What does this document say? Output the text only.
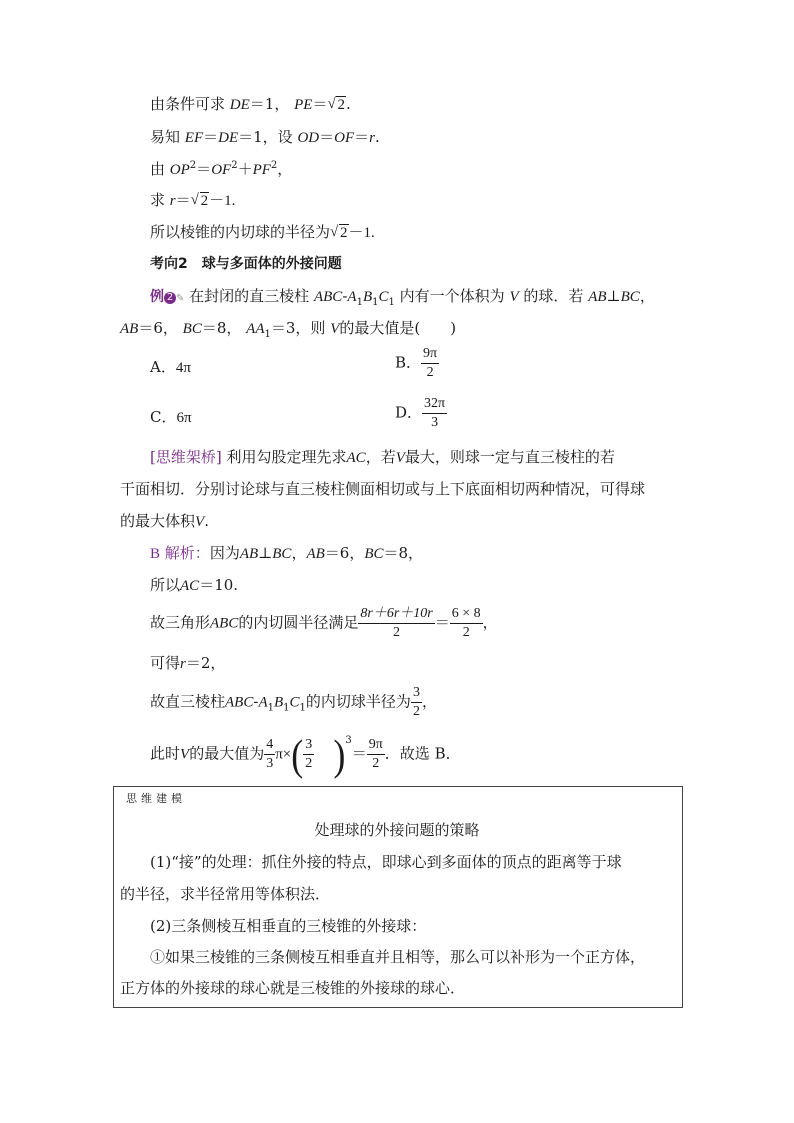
由条件可求 DE＝1， PE＝ √ 2.
易知 EF＝DE＝1，设 OD＝OF＝r.
由 $OP^2=OF^2+PF^2$，
求 r＝ √ 2－1.
所以棱锥的内切球的半径为 √ 2－1.
考向2　球与多面体的外接问题
例 2 ✎ 在封闭的直三棱柱 ABC-$A_1B_1C_1$ 内有一个体积为 V 的球．若 AB⊥BC，
AB＝6， BC＝8， $AA_1=3$，则 V的最大值是(　　)
A．4π	B． $\frac{9\pi}{2}$
C．6π	D． $\frac{32\pi}{3}$
[思维架桥] 利用勾股定理先求AC，若V最大，则球一定与直三棱柱的若
干面相切．分别讨论球与直三棱柱侧面相切或与上下底面相切两种情况，可得球
的最大体积V.
B 解析：因为AB⊥BC，AB＝6，BC＝8，
所以AC＝10.
故三角形ABC的内切圆半径满足 $\frac{8r+6r+10r}{2} = \frac{6 \times 8}{2}$ ，
可得r＝2，
故直三棱柱ABC-$A_1B_1C_1$的内切球半径为 $\frac{3}{2}$ ，
此时V的最大值为 $\frac{4}{3} \pi\times( \frac{3}{2} )^3= \frac{9\pi}{2}$ ．故选 B．
思维建模
处理球的外接问题的策略
(1)“接”的处理：抓住外接的特点，即球心到多面体的顶点的距离等于球
的半径，求半径常用等体积法．
(2)三条侧棱互相垂直的三棱锥的外接球：
①如果三棱锥的三条侧棱互相垂直并且相等，那么可以补形为一个正方体，
正方体的外接球的球心就是三棱锥的外接球的球心．
